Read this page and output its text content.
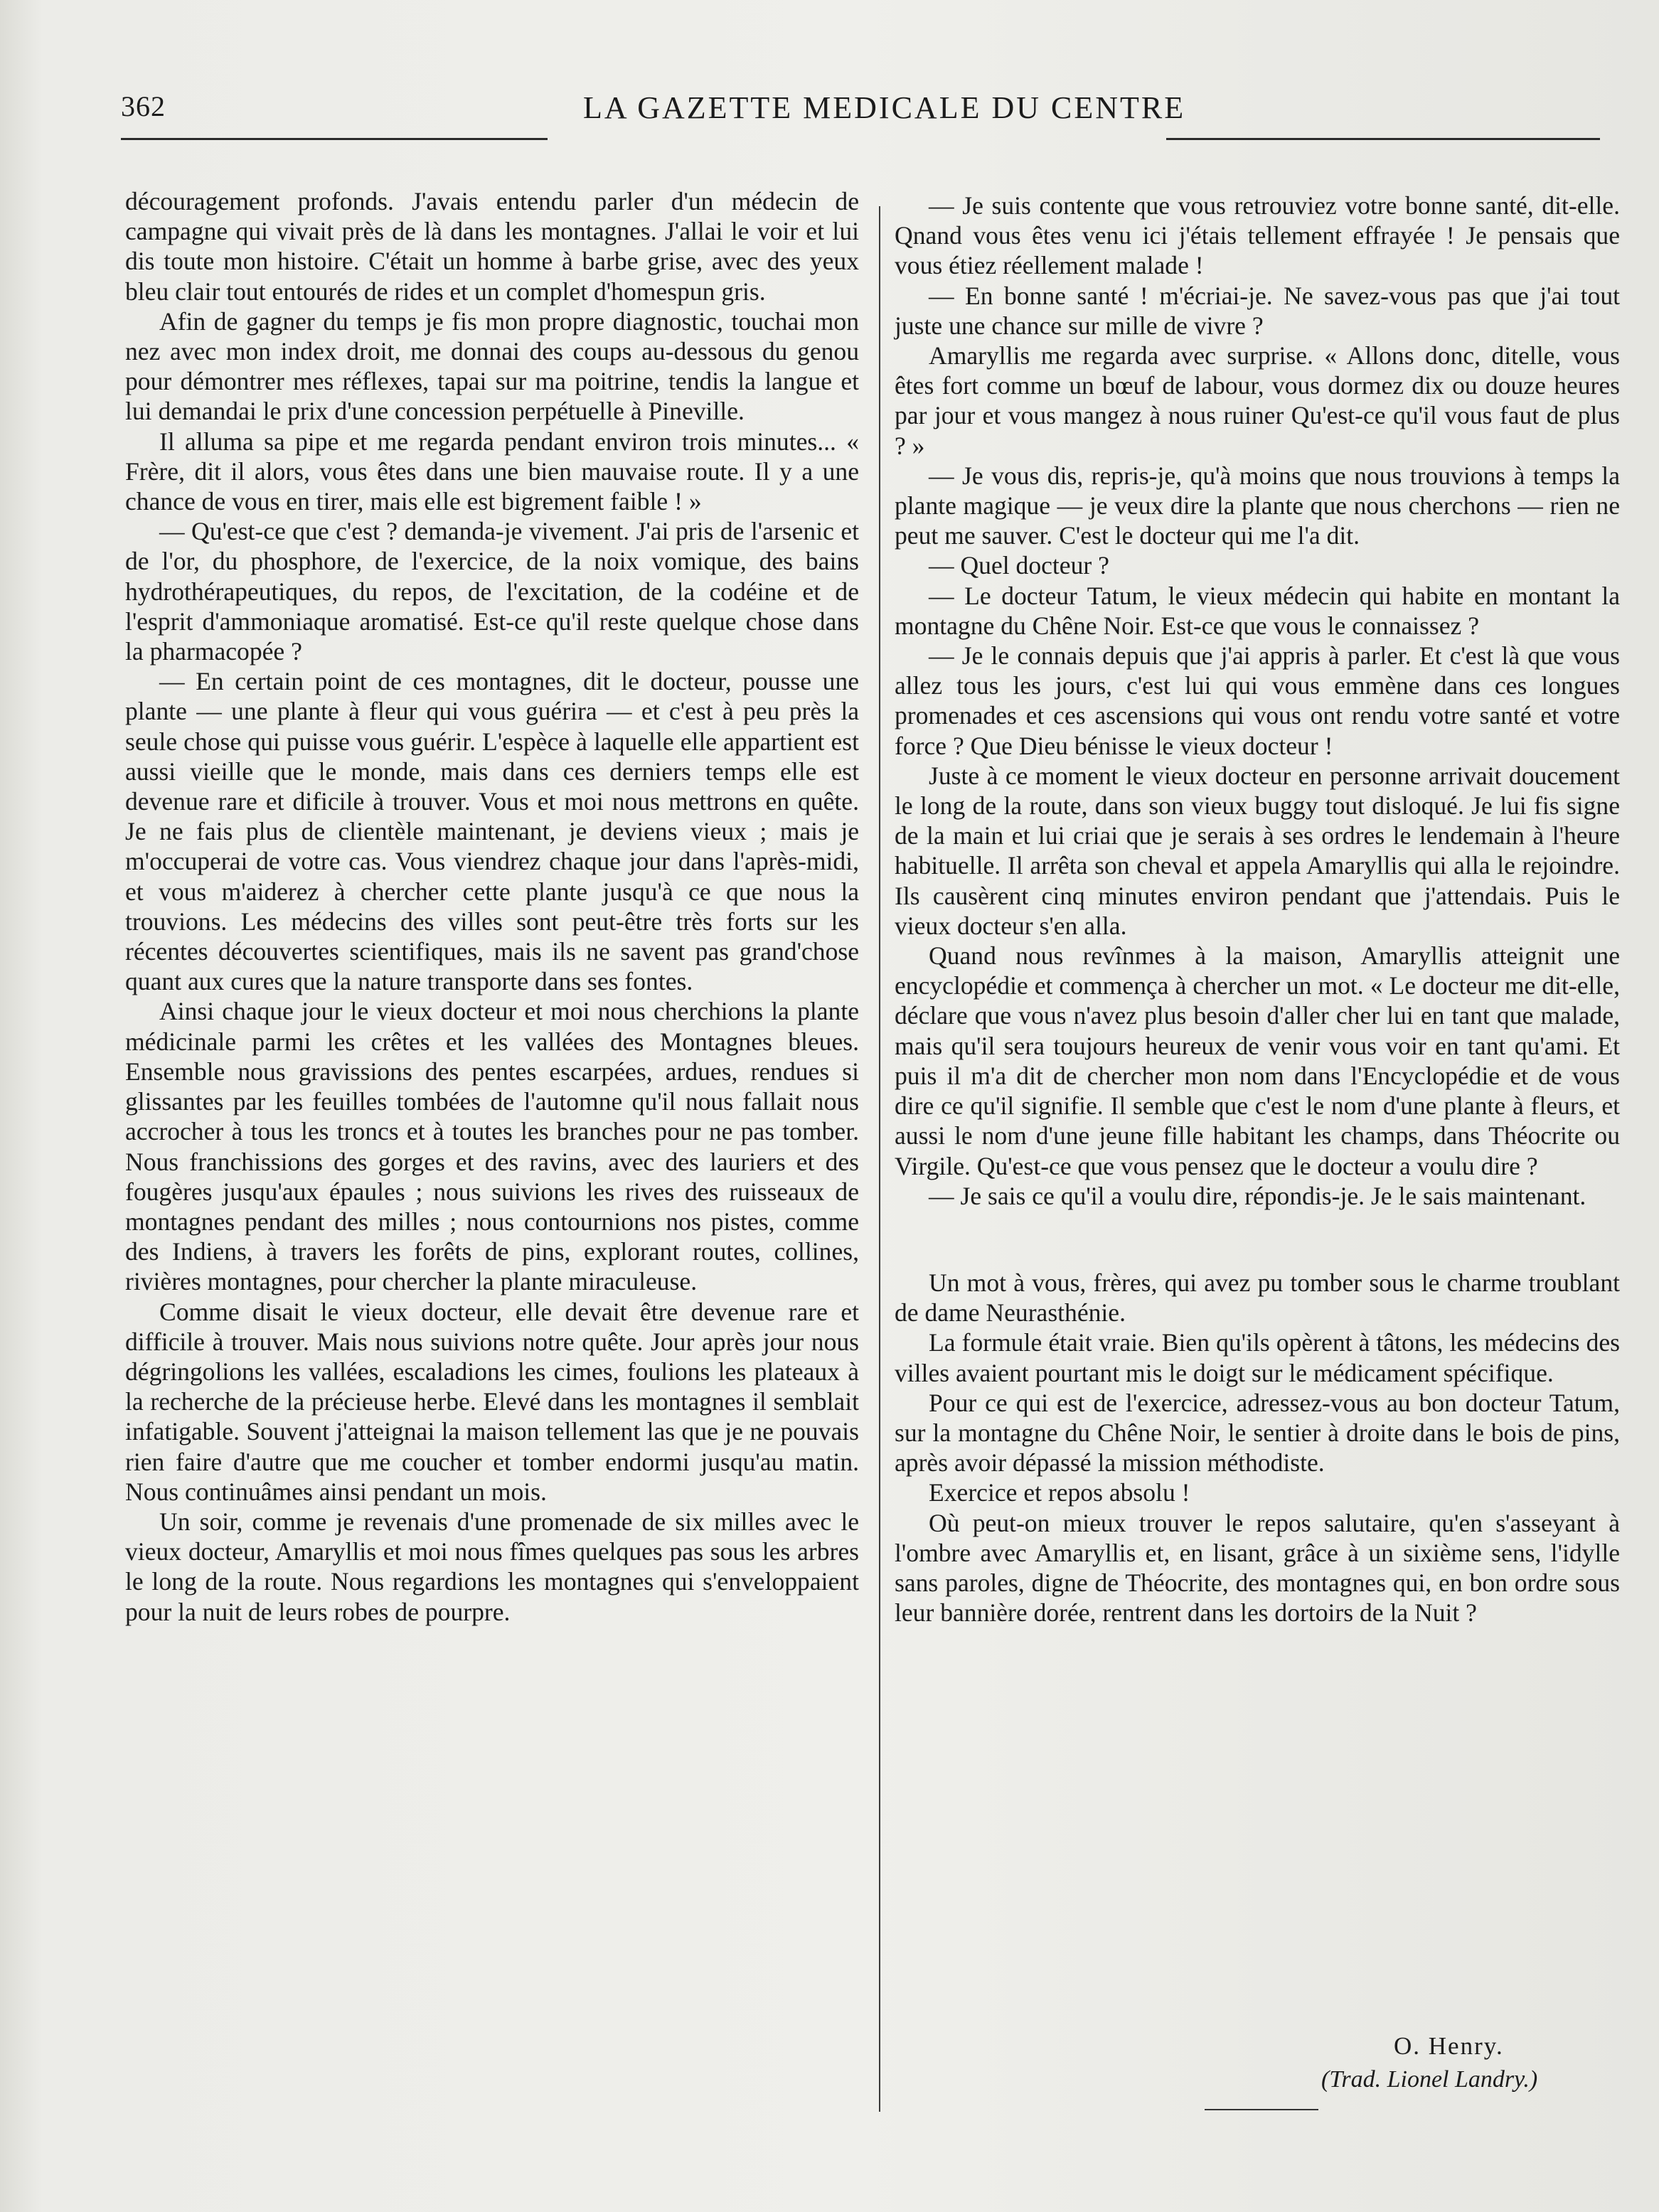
362	LA GAZETTE MEDICALE DU CENTRE

découragement profonds. J'avais entendu parler d'un médecin de campagne qui vivait près de là dans les montagnes. J'allai le voir et lui dis toute mon histoire. C'était un homme à barbe grise, avec des yeux bleu clair tout entourés de rides et un complet d'homespun gris.

Afin de gagner du temps je fis mon propre diagnostic, touchai mon nez avec mon index droit, me donnai des coups au-dessous du genou pour démontrer mes réflexes, tapai sur ma poitrine, tendis la langue et lui demandai le prix d'une concession perpétuelle à Pineville.

Il alluma sa pipe et me regarda pendant environ trois minutes... « Frère, dit il alors, vous êtes dans une bien mauvaise route. Il y a une chance de vous en tirer, mais elle est bigrement faible ! »

— Qu'est-ce que c'est ? demanda-je vivement. J'ai pris de l'arsenic et de l'or, du phosphore, de l'exercice, de la noix vomique, des bains hydrothérapeutiques, du repos, de l'excitation, de la codéine et de l'esprit d'ammoniaque aromatisé. Est-ce qu'il reste quelque chose dans la pharmacopée ?

— En certain point de ces montagnes, dit le docteur, pousse une plante — une plante à fleur qui vous guérira — et c'est à peu près la seule chose qui puisse vous guérir. L'espèce à laquelle elle appartient est aussi vieille que le monde, mais dans ces derniers temps elle est devenue rare et dificile à trouver. Vous et moi nous mettrons en quête. Je ne fais plus de clientèle maintenant, je deviens vieux ; mais je m'occuperai de votre cas. Vous viendrez chaque jour dans l'après-midi, et vous m'aiderez à chercher cette plante jusqu'à ce que nous la trouvions. Les médecins des villes sont peut-être très forts sur les récentes découvertes scientifiques, mais ils ne savent pas grand'chose quant aux cures que la nature transporte dans ses fontes.

Ainsi chaque jour le vieux docteur et moi nous cherchions la plante médicinale parmi les crêtes et les vallées des Montagnes bleues. Ensemble nous gravissions des pentes escarpées, ardues, rendues si glissantes par les feuilles tombées de l'automne qu'il nous fallait nous accrocher à tous les troncs et à toutes les branches pour ne pas tomber. Nous franchissions des gorges et des ravins, avec des lauriers et des fougères jusqu'aux épaules ; nous suivions les rives des ruisseaux de montagnes pendant des milles ; nous contournions nos pistes, comme des Indiens, à travers les forêts de pins, explorant routes, collines, rivières montagnes, pour chercher la plante miraculeuse.

Comme disait le vieux docteur, elle devait être devenue rare et difficile à trouver. Mais nous suivions notre quête. Jour après jour nous dégringolions les vallées, escaladions les cimes, foulions les plateaux à la recherche de la précieuse herbe. Elevé dans les montagnes il semblait infatigable. Souvent j'atteignai la maison tellement las que je ne pouvais rien faire d'autre que me coucher et tomber endormi jusqu'au matin. Nous continuâmes ainsi pendant un mois.

Un soir, comme je revenais d'une promenade de six milles avec le vieux docteur, Amaryllis et moi nous fîmes quelques pas sous les arbres le long de la route. Nous regardions les montagnes qui s'enveloppaient pour la nuit de leurs robes de pourpre.

— Je suis contente que vous retrouviez votre bonne santé, dit-elle. Qnand vous êtes venu ici j'étais tellement effrayée ! Je pensais que vous étiez réellement malade !

— En bonne santé ! m'écriai-je. Ne savez-vous pas que j'ai tout juste une chance sur mille de vivre ?

Amaryllis me regarda avec surprise. « Allons donc, ditelle, vous êtes fort comme un bœuf de labour, vous dormez dix ou douze heures par jour et vous mangez à nous ruiner Qu'est-ce qu'il vous faut de plus ? »

— Je vous dis, repris-je, qu'à moins que nous trouvions à temps la plante magique — je veux dire la plante que nous cherchons — rien ne peut me sauver. C'est le docteur qui me l'a dit.

— Quel docteur ?

— Le docteur Tatum, le vieux médecin qui habite en montant la montagne du Chêne Noir. Est-ce que vous le connaissez ?

— Je le connais depuis que j'ai appris à parler. Et c'est là que vous allez tous les jours, c'est lui qui vous emmène dans ces longues promenades et ces ascensions qui vous ont rendu votre santé et votre force ? Que Dieu bénisse le vieux docteur !

Juste à ce moment le vieux docteur en personne arrivait doucement le long de la route, dans son vieux buggy tout disloqué. Je lui fis signe de la main et lui criai que je serais à ses ordres le lendemain à l'heure habituelle. Il arrêta son cheval et appela Amaryllis qui alla le rejoindre. Ils causèrent cinq minutes environ pendant que j'attendais. Puis le vieux docteur s'en alla.

Quand nous revînmes à la maison, Amaryllis atteignit une encyclopédie et commença à chercher un mot. « Le docteur me dit-elle, déclare que vous n'avez plus besoin d'aller cher lui en tant que malade, mais qu'il sera toujours heureux de venir vous voir en tant qu'ami. Et puis il m'a dit de chercher mon nom dans l'Encyclopédie et de vous dire ce qu'il signifie. Il semble que c'est le nom d'une plante à fleurs, et aussi le nom d'une jeune fille habitant les champs, dans Théocrite ou Virgile. Qu'est-ce que vous pensez que le docteur a voulu dire ?

— Je sais ce qu'il a voulu dire, répondis-je. Je le sais maintenant.

Un mot à vous, frères, qui avez pu tomber sous le charme troublant de dame Neurasthénie.

La formule était vraie. Bien qu'ils opèrent à tâtons, les médecins des villes avaient pourtant mis le doigt sur le médicament spécifique.

Pour ce qui est de l'exercice, adressez-vous au bon docteur Tatum, sur la montagne du Chêne Noir, le sentier à droite dans le bois de pins, après avoir dépassé la mission méthodiste.

Exercice et repos absolu !

Où peut-on mieux trouver le repos salutaire, qu'en s'asseyant à l'ombre avec Amaryllis et, en lisant, grâce à un sixième sens, l'idylle sans paroles, digne de Théocrite, des montagnes qui, en bon ordre sous leur bannière dorée, rentrent dans les dortoirs de la Nuit ?

O. Henry.
(Trad. Lionel Landry.)
